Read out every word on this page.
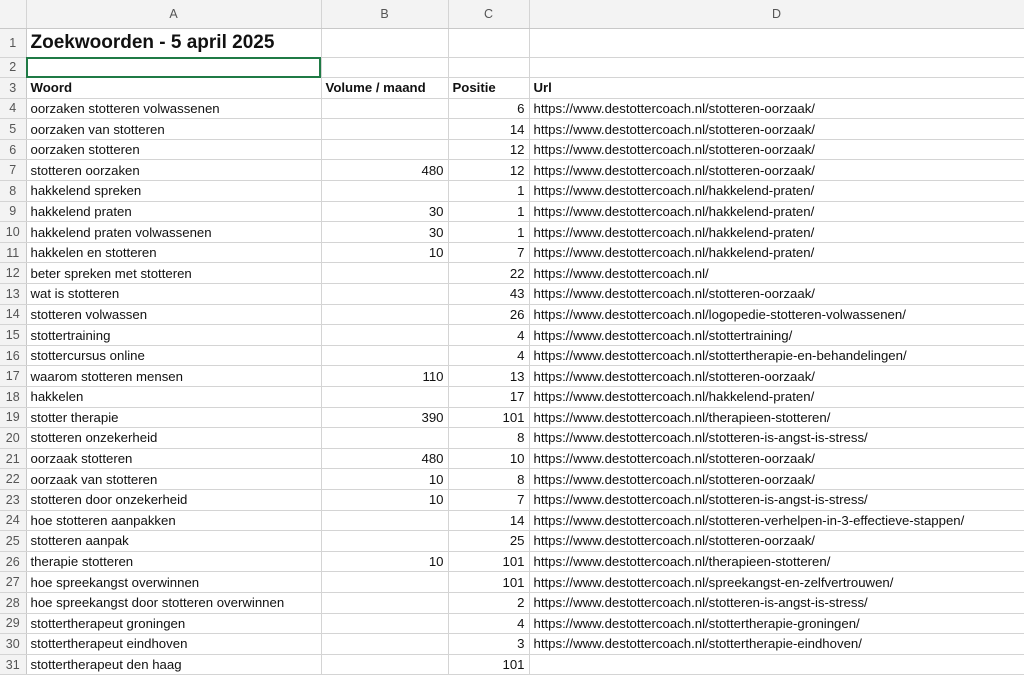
	A	B	C	D
1	Zoekwoorden - 5 april 2025			
2				
3	Woord	Volume / maand	Positie	Url
4	oorzaken stotteren volwassenen		6	https://www.destottercoach.nl/stotteren-oorzaak/
5	oorzaken van stotteren		14	https://www.destottercoach.nl/stotteren-oorzaak/
6	oorzaken stotteren		12	https://www.destottercoach.nl/stotteren-oorzaak/
7	stotteren oorzaken	480	12	https://www.destottercoach.nl/stotteren-oorzaak/
8	hakkelend spreken		1	https://www.destottercoach.nl/hakkelend-praten/
9	hakkelend praten	30	1	https://www.destottercoach.nl/hakkelend-praten/
10	hakkelend praten volwassenen	30	1	https://www.destottercoach.nl/hakkelend-praten/
11	hakkelen en stotteren	10	7	https://www.destottercoach.nl/hakkelend-praten/
12	beter spreken met stotteren		22	https://www.destottercoach.nl/
13	wat is stotteren		43	https://www.destottercoach.nl/stotteren-oorzaak/
14	stotteren volwassen		26	https://www.destottercoach.nl/logopedie-stotteren-volwassenen/
15	stottertraining		4	https://www.destottercoach.nl/stottertraining/
16	stottercursus online		4	https://www.destottercoach.nl/stottertherapie-en-behandelingen/
17	waarom stotteren mensen	110	13	https://www.destottercoach.nl/stotteren-oorzaak/
18	hakkelen		17	https://www.destottercoach.nl/hakkelend-praten/
19	stotter therapie	390	101	https://www.destottercoach.nl/therapieen-stotteren/
20	stotteren onzekerheid		8	https://www.destottercoach.nl/stotteren-is-angst-is-stress/
21	oorzaak stotteren	480	10	https://www.destottercoach.nl/stotteren-oorzaak/
22	oorzaak van stotteren	10	8	https://www.destottercoach.nl/stotteren-oorzaak/
23	stotteren door onzekerheid	10	7	https://www.destottercoach.nl/stotteren-is-angst-is-stress/
24	hoe stotteren aanpakken		14	https://www.destottercoach.nl/stotteren-verhelpen-in-3-effectieve-stappen/
25	stotteren aanpak		25	https://www.destottercoach.nl/stotteren-oorzaak/
26	therapie stotteren	10	101	https://www.destottercoach.nl/therapieen-stotteren/
27	hoe spreekangst overwinnen		101	https://www.destottercoach.nl/spreekangst-en-zelfvertrouwen/
28	hoe spreekangst door stotteren overwinnen		2	https://www.destottercoach.nl/stotteren-is-angst-is-stress/
29	stottertherapeut groningen		4	https://www.destottercoach.nl/stottertherapie-groningen/
30	stottertherapeut eindhoven		3	https://www.destottercoach.nl/stottertherapie-eindhoven/
31	stottertherapeut den haag		101	
